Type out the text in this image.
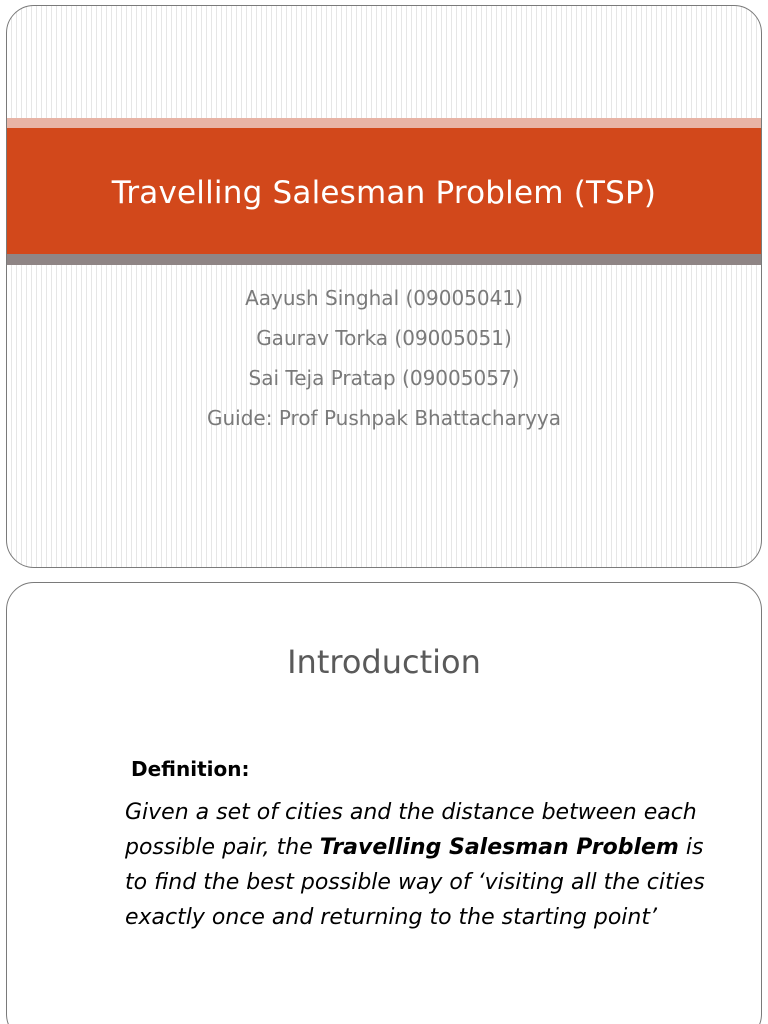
Travelling Salesman Problem (TSP)
Aayush Singhal (09005041)
Gaurav Torka (09005051)
Sai Teja Pratap (09005057)
Guide: Prof Pushpak Bhattacharyya
Introduction
Definition:

Given a set of cities and the distance between each possible pair, the Travelling Salesman Problem is to find the best possible way of ‘visiting all the cities exactly once and returning to the starting point’
